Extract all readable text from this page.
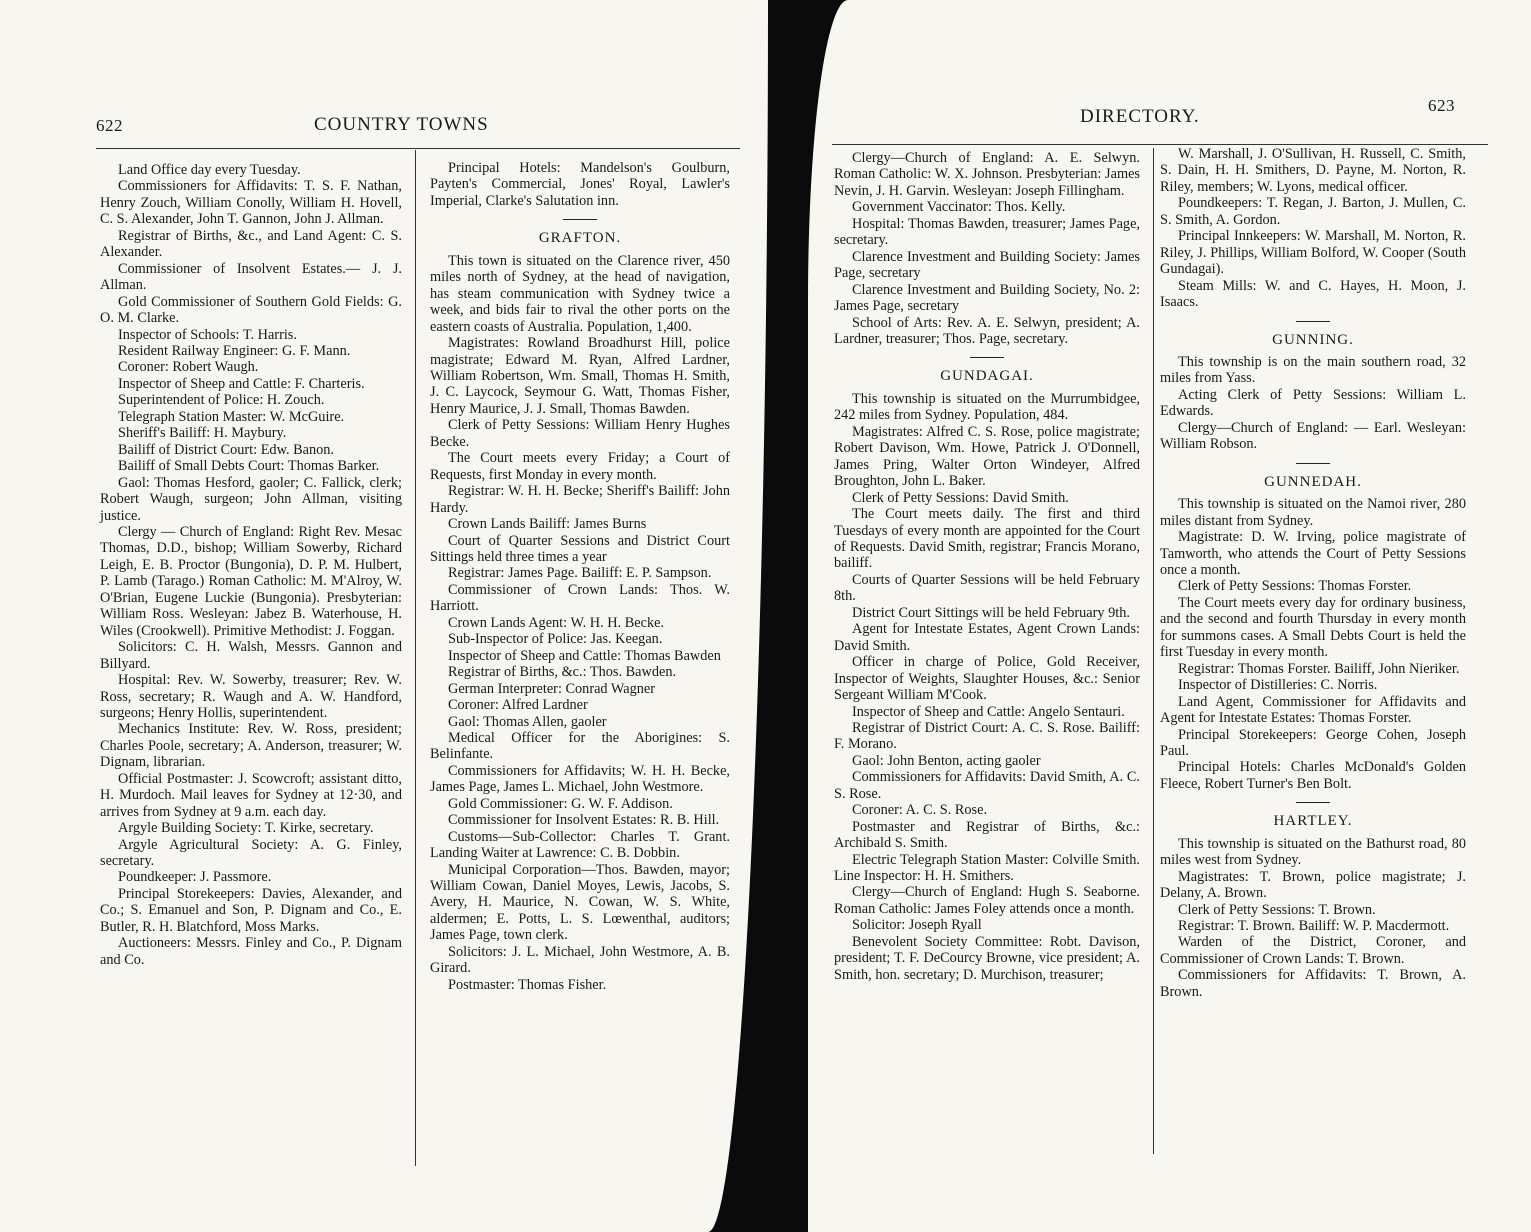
622	COUNTRY TOWNS

Land Office day every Tuesday.

Commissioners for Affidavits: T. S. F. Nathan, Henry Zouch, William Conolly, William H. Hovell, C. S. Alexander, John T. Gannon, John J. Allman.

Registrar of Births, &c., and Land Agent: C. S. Alexander.

Commissioner of Insolvent Estates.— J. J. Allman.

Gold Commissioner of Southern Gold Fields: G. O. M. Clarke.

Inspector of Schools: T. Harris.

Resident Railway Engineer: G. F. Mann.

Coroner: Robert Waugh.

Inspector of Sheep and Cattle: F. Charteris.

Superintendent of Police: H. Zouch.

Telegraph Station Master: W. McGuire.

Sheriff's Bailiff: H. Maybury.

Bailiff of District Court: Edw. Banon.

Bailiff of Small Debts Court: Thomas Barker.

Gaol: Thomas Hesford, gaoler; C. Fallick, clerk; Robert Waugh, surgeon; John Allman, visiting justice.

Clergy — Church of England: Right Rev. Mesac Thomas, D.D., bishop; William Sowerby, Richard Leigh, E. B. Proctor (Bungonia), D. P. M. Hulbert, P. Lamb (Tarago.) Roman Catholic: M. M'Alroy, W. O'Brian, Eugene Luckie (Bungonia). Presbyterian: William Ross. Wesleyan: Jabez B. Waterhouse, H. Wiles (Crookwell). Primitive Methodist: J. Foggan.

Solicitors: C. H. Walsh, Messrs. Gannon and Billyard.

Hospital: Rev. W. Sowerby, treasurer; Rev. W. Ross, secretary; R. Waugh and A. W. Handford, surgeons; Henry Hollis, superintendent.

Mechanics Institute: Rev. W. Ross, president; Charles Poole, secretary; A. Anderson, treasurer; W. Dignam, librarian.

Official Postmaster: J. Scowcroft; assistant ditto, H. Murdoch. Mail leaves for Sydney at 12·30, and arrives from Sydney at 9 a.m. each day.

Argyle Building Society: T. Kirke, secretary.

Argyle Agricultural Society: A. G. Finley, secretary.

Poundkeeper: J. Passmore.

Principal Storekeepers: Davies, Alexander, and Co.; S. Emanuel and Son, P. Dignam and Co., E. Butler, R. H. Blatchford, Moss Marks.

Auctioneers: Messrs. Finley and Co., P. Dignam and Co.

Principal Hotels: Mandelson's Goulburn, Payten's Commercial, Jones' Royal, Lawler's Imperial, Clarke's Salutation inn.

GRAFTON.

This town is situated on the Clarence river, 450 miles north of Sydney, at the head of navigation, has steam communication with Sydney twice a week, and bids fair to rival the other ports on the eastern coasts of Australia. Population, 1,400.

Magistrates: Rowland Broadhurst Hill, police magistrate; Edward M. Ryan, Alfred Lardner, William Robertson, Wm. Small, Thomas H. Smith, J. C. Laycock, Seymour G. Watt, Thomas Fisher, Henry Maurice, J. J. Small, Thomas Bawden.

Clerk of Petty Sessions: William Henry Hughes Becke.

The Court meets every Friday; a Court of Requests, first Monday in every month.

Registrar: W. H. H. Becke; Sheriff's Bailiff: John Hardy.

Crown Lands Bailiff: James Burns

Court of Quarter Sessions and District Court Sittings held three times a year

Registrar: James Page. Bailiff: E. P. Sampson.

Commissioner of Crown Lands: Thos. W. Harriott.

Crown Lands Agent: W. H. H. Becke.

Sub-Inspector of Police: Jas. Keegan.

Inspector of Sheep and Cattle: Thomas Bawden

Registrar of Births, &c.: Thos. Bawden.

German Interpreter: Conrad Wagner

Coroner: Alfred Lardner

Gaol: Thomas Allen, gaoler

Medical Officer for the Aborigines: S. Belinfante.

Commissioners for Affidavits; W. H. H. Becke, James Page, James L. Michael, John Westmore.

Gold Commissioner: G. W. F. Addison.

Commissioner for Insolvent Estates: R. B. Hill.

Customs—Sub-Collector: Charles T. Grant. Landing Waiter at Lawrence: C. B. Dobbin.

Municipal Corporation—Thos. Bawden, mayor; William Cowan, Daniel Moyes, Lewis, Jacobs, S. Avery, H. Maurice, N. Cowan, W. S. White, aldermen; E. Potts, L. S. Lœwenthal, auditors; James Page, town clerk.

Solicitors: J. L. Michael, John Westmore, A. B. Girard.

Postmaster: Thomas Fisher.

DIRECTORY.
623

Clergy—Church of England: A. E. Selwyn. Roman Catholic: W. X. Johnson. Presbyterian: James Nevin, J. H. Garvin. Wesleyan: Joseph Fillingham.

Government Vaccinator: Thos. Kelly.

Hospital: Thomas Bawden, treasurer; James Page, secretary.

Clarence Investment and Building Society: James Page, secretary

Clarence Investment and Building Society, No. 2: James Page, secretary

School of Arts: Rev. A. E. Selwyn, president; A. Lardner, treasurer; Thos. Page, secretary.

GUNDAGAI.

This township is situated on the Murrumbidgee, 242 miles from Sydney. Population, 484.

Magistrates: Alfred C. S. Rose, police magistrate; Robert Davison, Wm. Howe, Patrick J. O'Donnell, James Pring, Walter Orton Windeyer, Alfred Broughton, John L. Baker.

Clerk of Petty Sessions: David Smith.

The Court meets daily. The first and third Tuesdays of every month are appointed for the Court of Requests. David Smith, registrar; Francis Morano, bailiff.

Courts of Quarter Sessions will be held February 8th.

District Court Sittings will be held February 9th.

Agent for Intestate Estates, Agent Crown Lands: David Smith.

Officer in charge of Police, Gold Receiver, Inspector of Weights, Slaughter Houses, &c.: Senior Sergeant William M'Cook.

Inspector of Sheep and Cattle: Angelo Sentauri.

Registrar of District Court: A. C. S. Rose. Bailiff: F. Morano.

Gaol: John Benton, acting gaoler

Commissioners for Affidavits: David Smith, A. C. S. Rose.

Coroner: A. C. S. Rose.

Postmaster and Registrar of Births, &c.: Archibald S. Smith.

Electric Telegraph Station Master: Colville Smith. Line Inspector: H. H. Smithers.

Clergy—Church of England: Hugh S. Seaborne. Roman Catholic: James Foley attends once a month.

Solicitor: Joseph Ryall

Benevolent Society Committee: Robt. Davison, president; T. F. DeCourcy Browne, vice president; A. Smith, hon. secretary; D. Murchison, treasurer;

W. Marshall, J. O'Sullivan, H. Russell, C. Smith, S. Dain, H. H. Smithers, D. Payne, M. Norton, R. Riley, members; W. Lyons, medical officer.

Poundkeepers: T. Regan, J. Barton, J. Mullen, C. S. Smith, A. Gordon.

Principal Innkeepers: W. Marshall, M. Norton, R. Riley, J. Phillips, William Bolford, W. Cooper (South Gundagai).

Steam Mills: W. and C. Hayes, H. Moon, J. Isaacs.

GUNNING.

This township is on the main southern road, 32 miles from Yass.

Acting Clerk of Petty Sessions: William L. Edwards.

Clergy—Church of England: — Earl. Wesleyan: William Robson.

GUNNEDAH.

This township is situated on the Namoi river, 280 miles distant from Sydney.

Magistrate: D. W. Irving, police magistrate of Tamworth, who attends the Court of Petty Sessions once a month.

Clerk of Petty Sessions: Thomas Forster.

The Court meets every day for ordinary business, and the second and fourth Thursday in every month for summons cases. A Small Debts Court is held the first Tuesday in every month.

Registrar: Thomas Forster. Bailiff, John Nieriker.

Inspector of Distilleries: C. Norris.

Land Agent, Commissioner for Affidavits and Agent for Intestate Estates: Thomas Forster.

Principal Storekeepers: George Cohen, Joseph Paul.

Principal Hotels: Charles McDonald's Golden Fleece, Robert Turner's Ben Bolt.

HARTLEY.

This township is situated on the Bathurst road, 80 miles west from Sydney.

Magistrates: T. Brown, police magistrate; J. Delany, A. Brown.

Clerk of Petty Sessions: T. Brown.

Registrar: T. Brown. Bailiff: W. P. Macdermott.

Warden of the District, Coroner, and Commissioner of Crown Lands: T. Brown.

Commissioners for Affidavits: T. Brown, A. Brown.
